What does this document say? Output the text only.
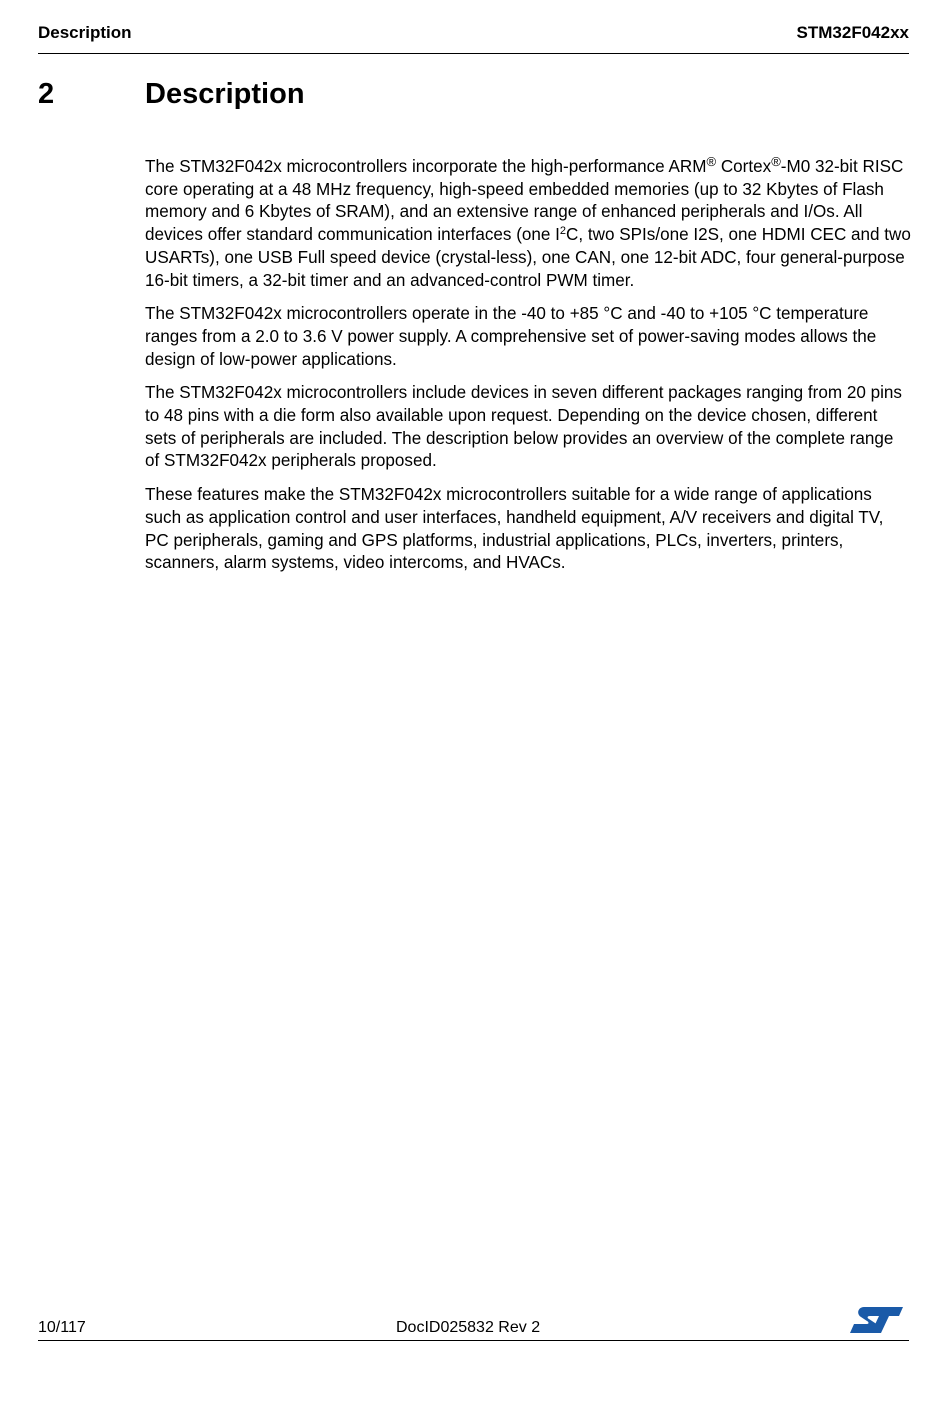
Description	STM32F042xx
2	Description

The STM32F042x microcontrollers incorporate the high-performance ARM® Cortex®-M0 32-bit RISC core operating at a 48 MHz frequency, high-speed embedded memories (up to 32 Kbytes of Flash memory and 6 Kbytes of SRAM), and an extensive range of enhanced peripherals and I/Os. All devices offer standard communication interfaces (one $I^2C$, two SPIs/one I2S, one HDMI CEC and two USARTs), one USB Full speed device (crystal-less), one CAN, one 12-bit ADC, four general-purpose 16-bit timers, a 32-bit timer and an advanced-control PWM timer.

The STM32F042x microcontrollers operate in the -40 to +85 °C and -40 to +105 °C temperature ranges from a 2.0 to 3.6 V power supply. A comprehensive set of power-saving modes allows the design of low-power applications.

The STM32F042x microcontrollers include devices in seven different packages ranging from 20 pins to 48 pins with a die form also available upon request. Depending on the device chosen, different sets of peripherals are included. The description below provides an overview of the complete range of STM32F042x peripherals proposed.

These features make the STM32F042x microcontrollers suitable for a wide range of applications such as application control and user interfaces, handheld equipment, A/V receivers and digital TV, PC peripherals, gaming and GPS platforms, industrial applications, PLCs, inverters, printers, scanners, alarm systems, video intercoms, and HVACs.

10/117	DocID025832 Rev 2
